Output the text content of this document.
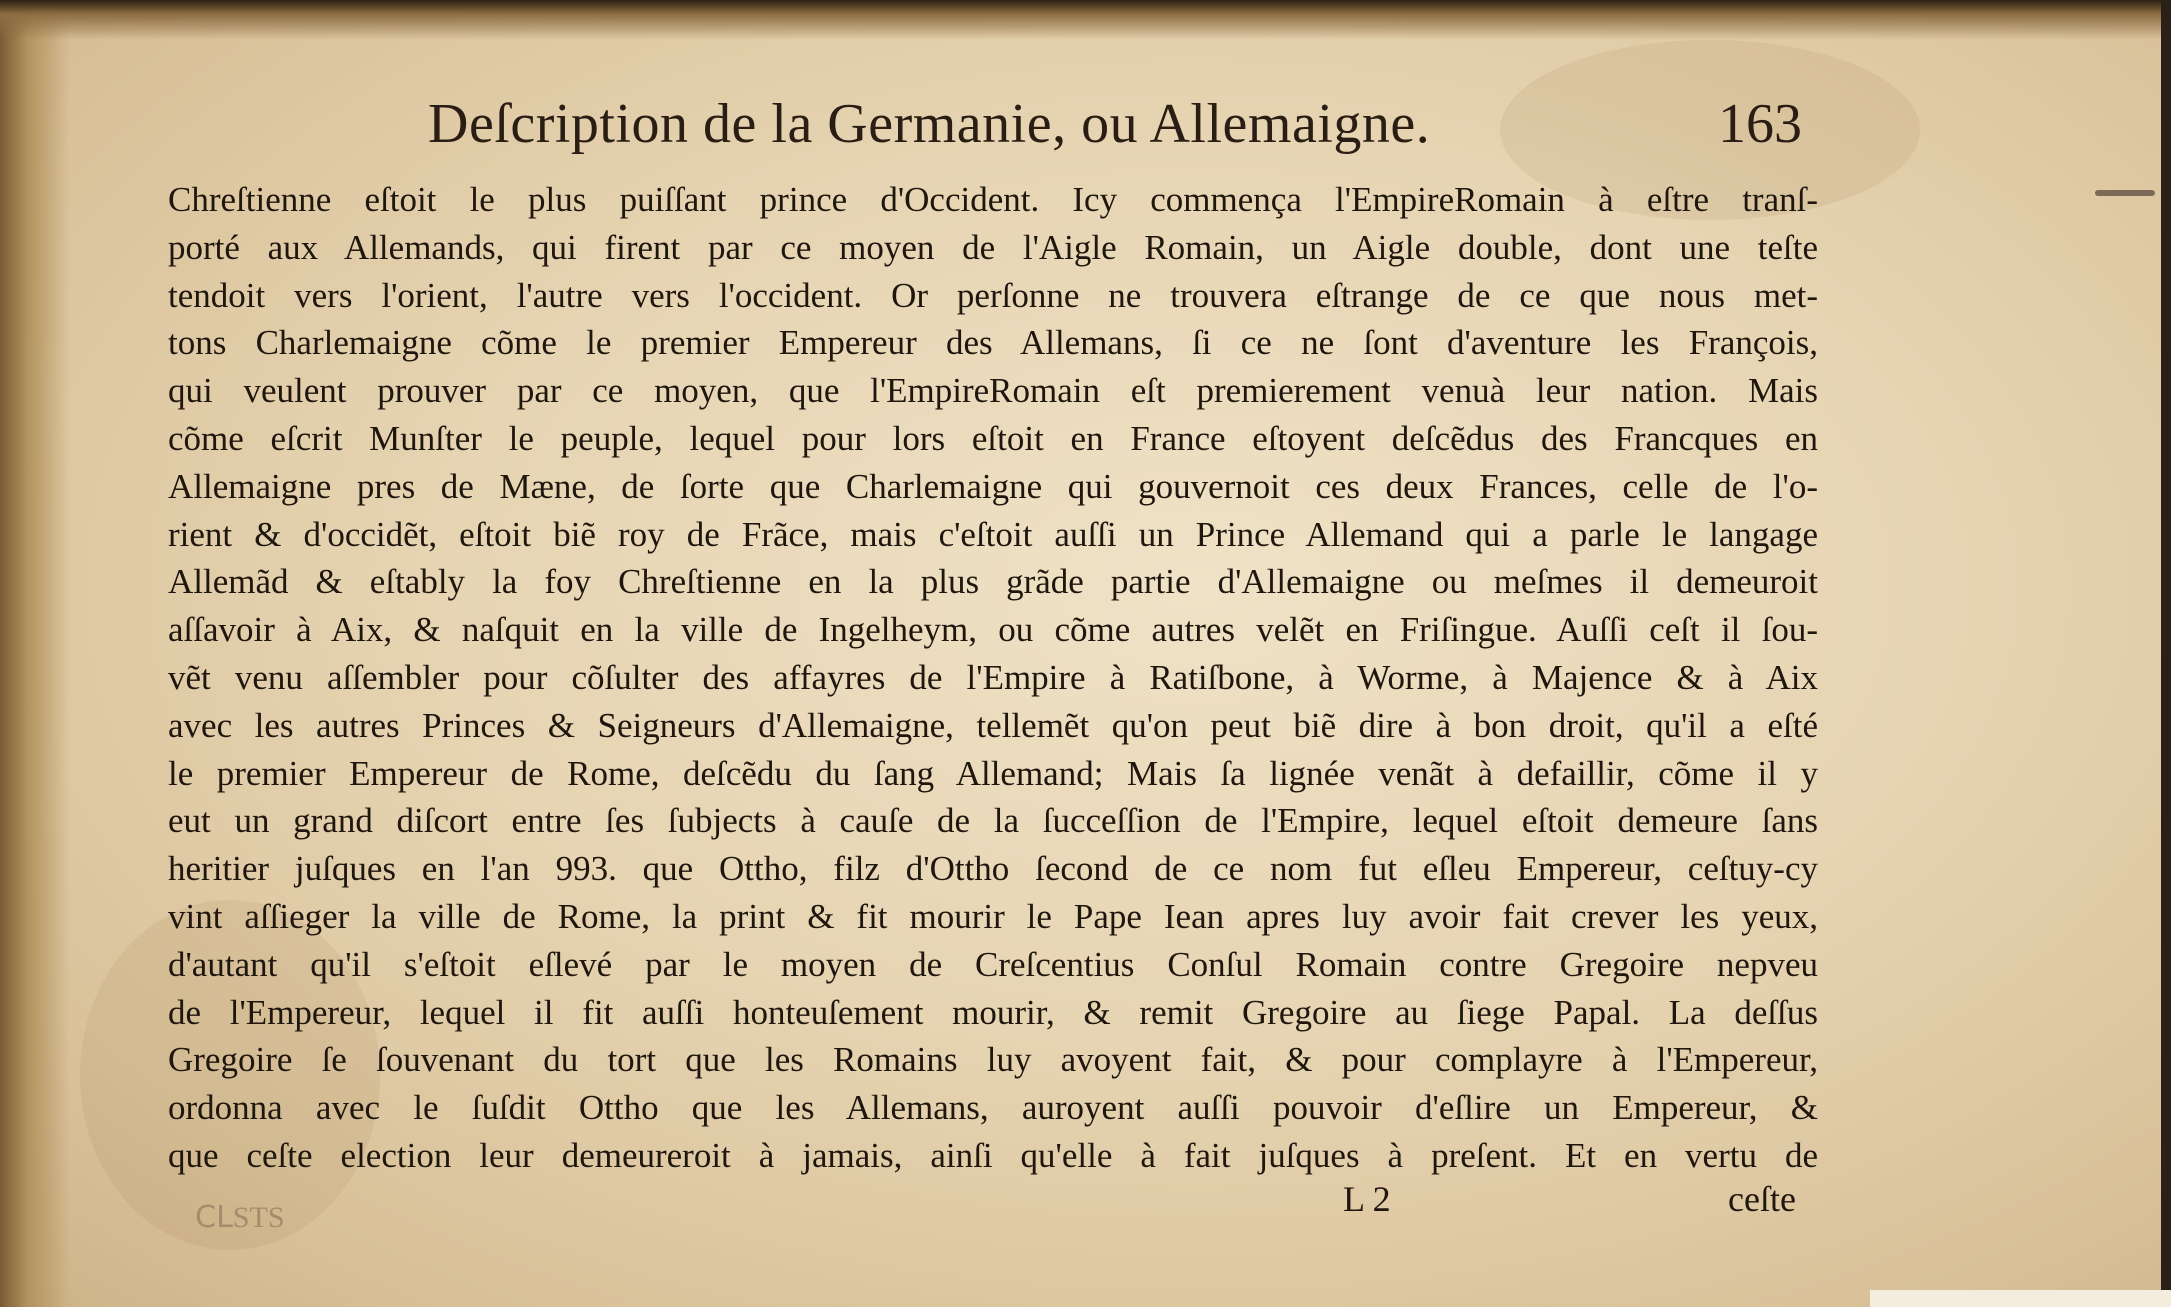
Deſcription de la Germanie, ou Allemaigne.	163
Chreſtienne eſtoit le plus puiſſant prince d'Occident. Icy commença l'EmpireRomain à eſtre tranſ-
porté aux Allemands, qui firent par ce moyen de l'Aigle Romain, un Aigle double, dont une teſte
tendoit vers l'orient, l'autre vers l'occident. Or perſonne ne trouvera eſtrange de ce que nous met-
tons Charlemaigne cõme le premier Empereur des Allemans, ſi ce ne ſont d'aventure les François,
qui veulent prouver par ce moyen, que l'EmpireRomain eſt premierement venuà leur nation. Mais
cõme eſcrit Munſter le peuple, lequel pour lors eſtoit en France eſtoyent deſcẽdus des Francques en
Allemaigne pres de Mæne, de ſorte que Charlemaigne qui gouvernoit ces deux Frances, celle de l'o-
rient & d'occidẽt, eſtoit biẽ roy de Frãce, mais c'eſtoit auſſi un Prince Allemand qui a parle le langage
Allemãd & eſtably la foy Chreſtienne en la plus grãde partie d'Allemaigne ou meſmes il demeuroit
aſſavoir à Aix, & naſquit en la ville de Ingelheym, ou cõme autres velẽt en Friſingue. Auſſi ceſt il ſou-
vẽt venu aſſembler pour cõſulter des affayres de l'Empire à Ratiſbone, à Worme, à Majence & à Aix
avec les autres Princes & Seigneurs d'Allemaigne, tellemẽt qu'on peut biẽ dire à bon droit, qu'il a eſté
le premier Empereur de Rome, deſcẽdu du ſang Allemand; Mais ſa lignée venãt à defaillir, cõme il y
eut un grand diſcort entre ſes ſubjects à cauſe de la ſucceſſion de l'Empire, lequel eſtoit demeure ſans
heritier juſques en l'an 993. que Ottho, filz d'Ottho ſecond de ce nom fut eſleu Empereur, ceſtuy-cy
vint aſſieger la ville de Rome, la print & fit mourir le Pape Iean apres luy avoir fait crever les yeux,
d'autant qu'il s'eſtoit eſlevé par le moyen de Creſcentius Conſul Romain contre Gregoire nepveu
de l'Empereur, lequel il fit auſſi honteuſement mourir, & remit Gregoire au ſiege Papal. La deſſus
Gregoire ſe ſouvenant du tort que les Romains luy avoyent fait, & pour complayre à l'Empereur,
ordonna avec le ſuſdit Ottho que les Allemans, auroyent auſſi pouvoir d'eſlire un Empereur, &
que ceſte election leur demeureroit à jamais, ainſi qu'elle à fait juſques à preſent. Et en vertu de
L 2	ceſte
ƧTƧ⅃Ↄ
